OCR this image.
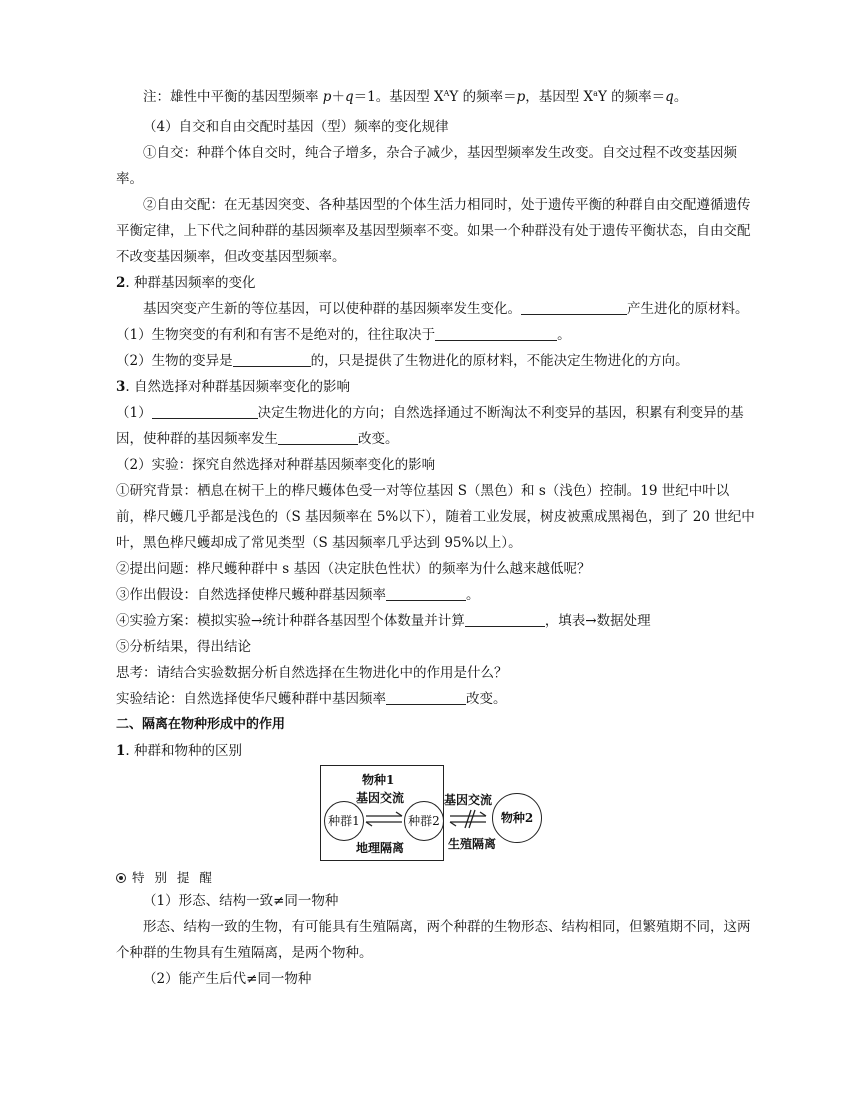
注：雄性中平衡的基因型频率 p＋q＝1。基因型 $X^AY$ 的频率＝p，基因型 $X^aY$ 的频率＝q。
（4）自交和自由交配时基因（型）频率的变化规律

①自交：种群个体自交时，纯合子增多，杂合子减少，基因型频率发生改变。自交过程不改变基因频率。

②自由交配：在无基因突变、各种基因型的个体生活力相同时，处于遗传平衡的种群自由交配遵循遗传平衡定律，上下代之间种群的基因频率及基因型频率不变。如果一个种群没有处于遗传平衡状态，自由交配不改变基因频率，但改变基因型频率。

2. 种群基因频率的变化
基因突变产生新的等位基因，可以使种群的基因频率发生变化。	产生进化的原材料。
（1）生物突变的有利和有害不是绝对的，往往取决于	。
（2）生物的变异是	的，只是提供了生物进化的原材料，不能决定生物进化的方向。
3. 自然选择对种群基因频率变化的影响

（1）	决定生物进化的方向；自然选择通过不断淘汰不利变异的基因，积累有利变异的基因，使种群的基因频率发生	改变。

（2）实验：探究自然选择对种群基因频率变化的影响

①研究背景：栖息在树干上的桦尺蠖体色受一对等位基因 S（黑色）和 s（浅色）控制。19 世纪中叶以前，桦尺蠖几乎都是浅色的（S 基因频率在 5%以下），随着工业发展，树皮被熏成黑褐色，到了 20 世纪中叶，黑色桦尺蠖却成了常见类型（S 基因频率几乎达到 95%以上）。

②提出问题：桦尺蠖种群中 s 基因（决定肤色性状）的频率为什么越来越低呢？
③作出假设：自然选择使桦尺蠖种群基因频率	。
④实验方案：模拟实验→统计种群各基因型个体数量并计算	，填表→数据处理
⑤分析结果，得出结论
思考：请结合实验数据分析自然选择在生物进化中的作用是什么？
实验结论：自然选择使华尺蠖种群中基因频率	改变。
二、隔离在物种形成中的作用
1. 种群和物种的区别
物种1
基因交流
种群1	种群2
地理隔离
基因交流
生殖隔离
物种2
特 别 提 醒
（1）形态、结构一致≠同一物种

形态、结构一致的生物，有可能具有生殖隔离，两个种群的生物形态、结构相同，但繁殖期不同，这两个种群的生物具有生殖隔离，是两个物种。

（2）能产生后代≠同一物种
